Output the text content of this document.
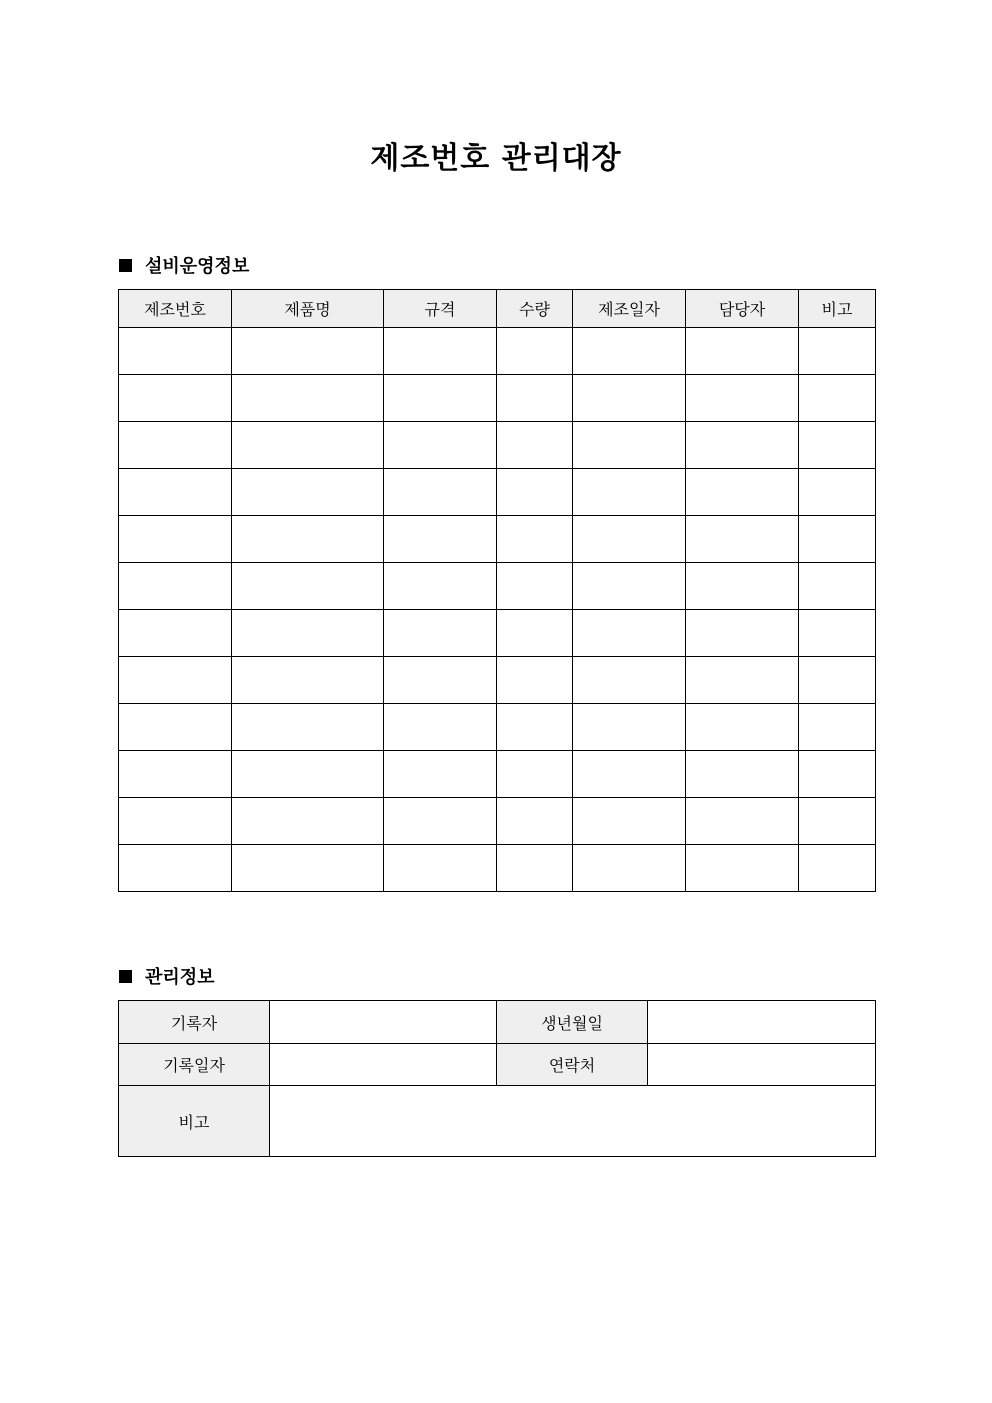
제조번호 관리대장
설비운영정보
제조번호	제품명	규격	수량	제조일자	담당자	비고

관리정보
기록자		생년월일	
기록일자		연락처	
비고			
